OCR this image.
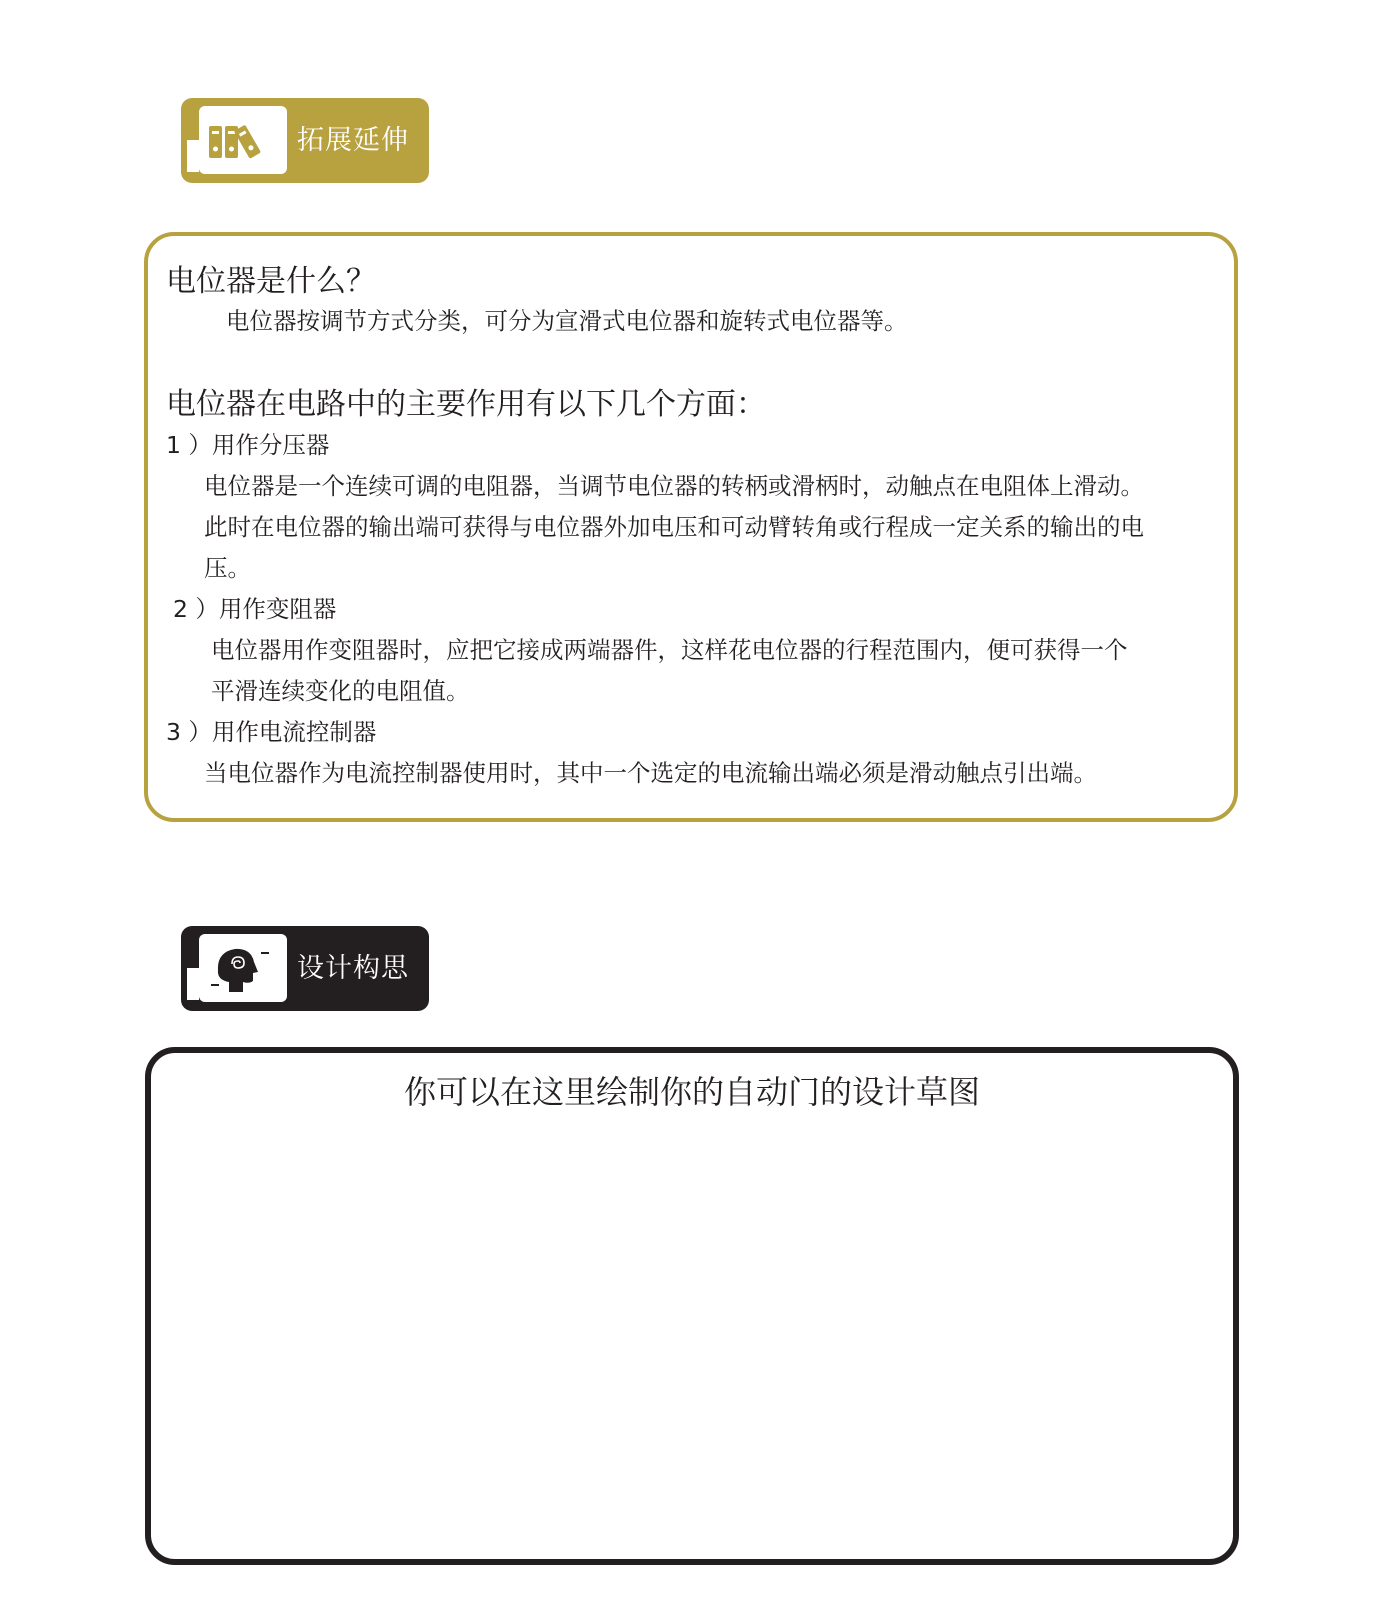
拓展延伸
电位器是什么？
电位器按调节方式分类，可分为宣滑式电位器和旋转式电位器等。
电位器在电路中的主要作用有以下几个方面：
1 ）用作分压器
电位器是一个连续可调的电阻器，当调节电位器的转柄或滑柄时，动触点在电阻体上滑动。
此时在电位器的输出端可获得与电位器外加电压和可动臂转角或行程成一定关系的输出的电
压。
2 ）用作变阻器
电位器用作变阻器时，应把它接成两端器件，这样花电位器的行程范围内，便可获得一个
平滑连续变化的电阻值。
3 ）用作电流控制器
当电位器作为电流控制器使用时，其中一个选定的电流输出端必须是滑动触点引出端。
设计构思
你可以在这里绘制你的自动门的设计草图
